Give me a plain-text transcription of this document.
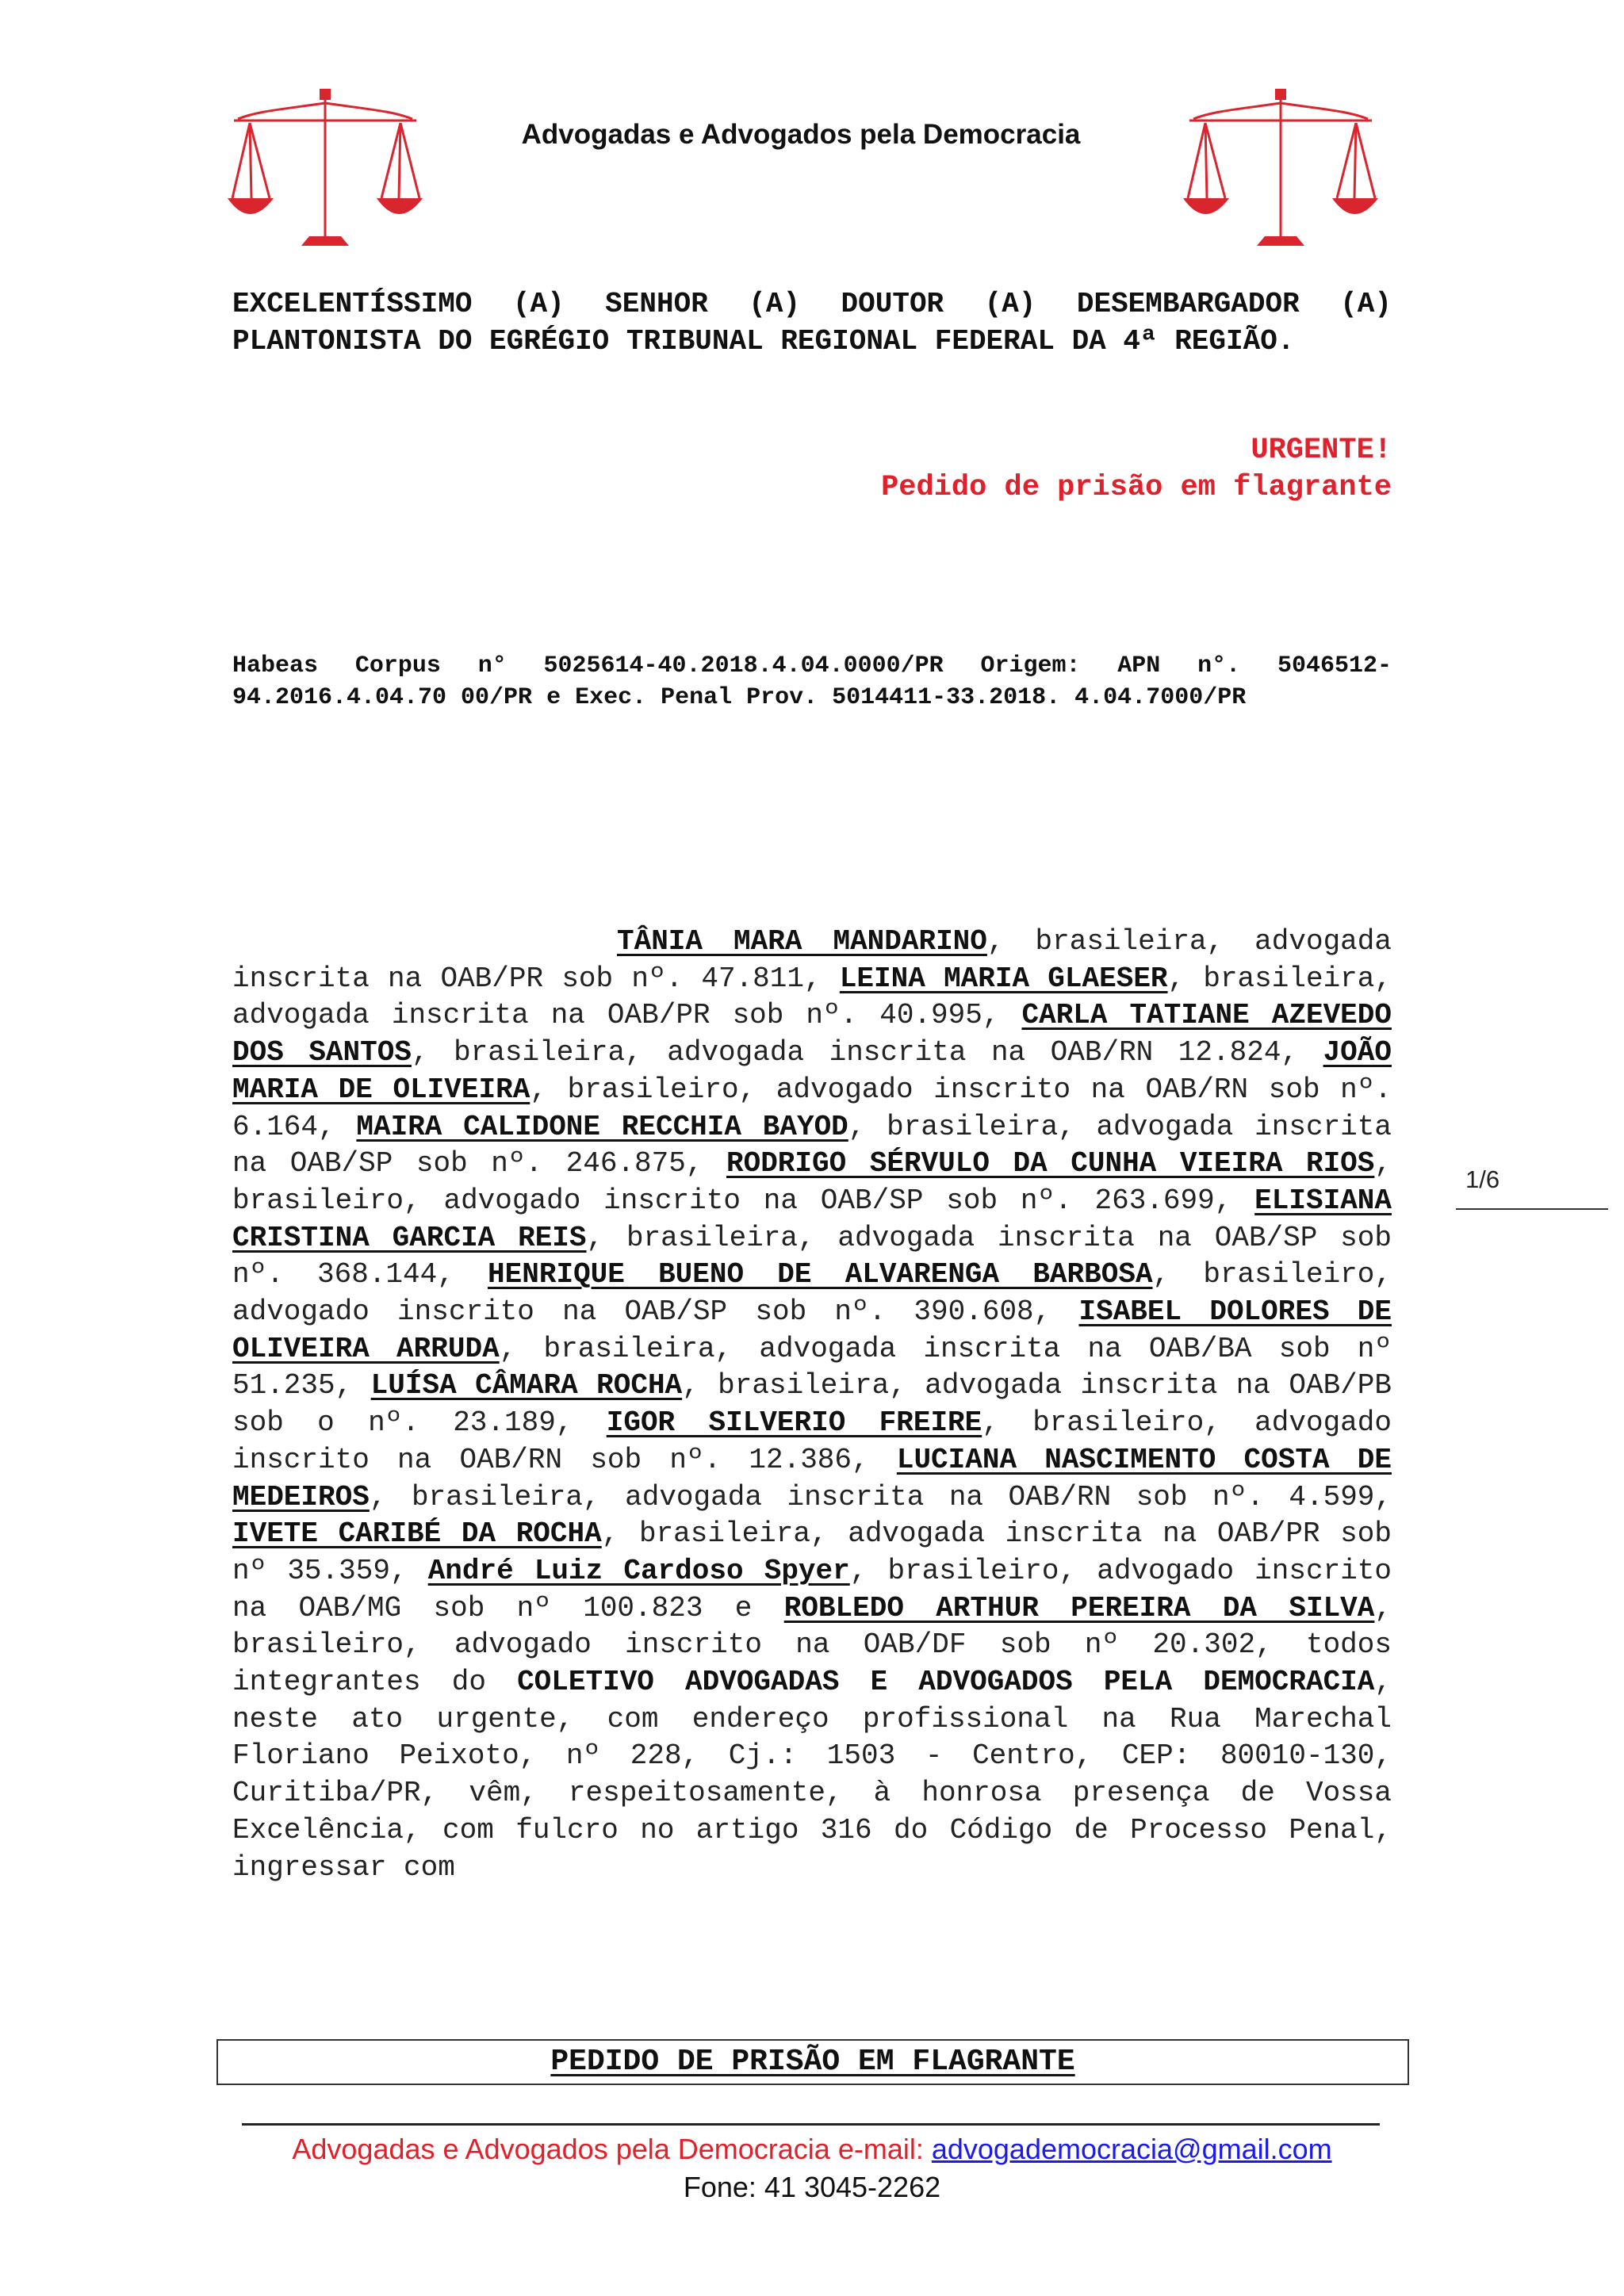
Advogadas e Advogados pela Democracia
EXCELENTÍSSIMO (A) SENHOR (A) DOUTOR (A) DESEMBARGADOR (A) PLANTONISTA DO EGRÉGIO TRIBUNAL REGIONAL FEDERAL DA 4ª REGIÃO.
URGENTE!
Pedido de prisão em flagrante
Habeas Corpus n° 5025614-40.2018.4.04.0000/PR Origem: APN n°. 5046512-94.2016.4.04.70 00/PR e Exec. Penal Prov. 5014411-33.2018. 4.04.7000/PR
TÂNIA MARA MANDARINO, brasileira, advogada inscrita na OAB/PR sob nº. 47.811, LEINA MARIA GLAESER, brasileira, advogada inscrita na OAB/PR sob nº. 40.995, CARLA TATIANE AZEVEDO DOS SANTOS, brasileira, advogada inscrita na OAB/RN 12.824, JOÃO MARIA DE OLIVEIRA, brasileiro, advogado inscrito na OAB/RN sob nº. 6.164, MAIRA CALIDONE RECCHIA BAYOD, brasileira, advogada inscrita na OAB/SP sob nº. 246.875, RODRIGO SÉRVULO DA CUNHA VIEIRA RIOS, brasileiro, advogado inscrito na OAB/SP sob nº. 263.699, ELISIANA CRISTINA GARCIA REIS, brasileira, advogada inscrita na OAB/SP sob nº. 368.144, HENRIQUE BUENO DE ALVARENGA BARBOSA, brasileiro, advogado inscrito na OAB/SP sob nº. 390.608, ISABEL DOLORES DE OLIVEIRA ARRUDA, brasileira, advogada inscrita na OAB/BA sob nº 51.235, LUÍSA CÂMARA ROCHA, brasileira, advogada inscrita na OAB/PB sob o nº. 23.189, IGOR SILVERIO FREIRE, brasileiro, advogado inscrito na OAB/RN sob nº. 12.386, LUCIANA NASCIMENTO COSTA DE MEDEIROS, brasileira, advogada inscrita na OAB/RN sob nº. 4.599, IVETE CARIBÉ DA ROCHA, brasileira, advogada inscrita na OAB/PR sob nº 35.359, André Luiz Cardoso Spyer, brasileiro, advogado inscrito na OAB/MG sob nº 100.823 e ROBLEDO ARTHUR PEREIRA DA SILVA, brasileiro, advogado inscrito na OAB/DF sob nº 20.302, todos integrantes do COLETIVO ADVOGADAS E ADVOGADOS PELA DEMOCRACIA, neste ato urgente, com endereço profissional na Rua Marechal Floriano Peixoto, nº 228, Cj.: 1503 - Centro, CEP: 80010-130, Curitiba/PR, vêm, respeitosamente, à honrosa presença de Vossa Excelência, com fulcro no artigo 316 do Código de Processo Penal, ingressar com
1/6
PEDIDO DE PRISÃO EM FLAGRANTE
Advogadas e Advogados pela Democracia e-mail: advogademocracia@gmail.com
Fone: 41 3045-2262
